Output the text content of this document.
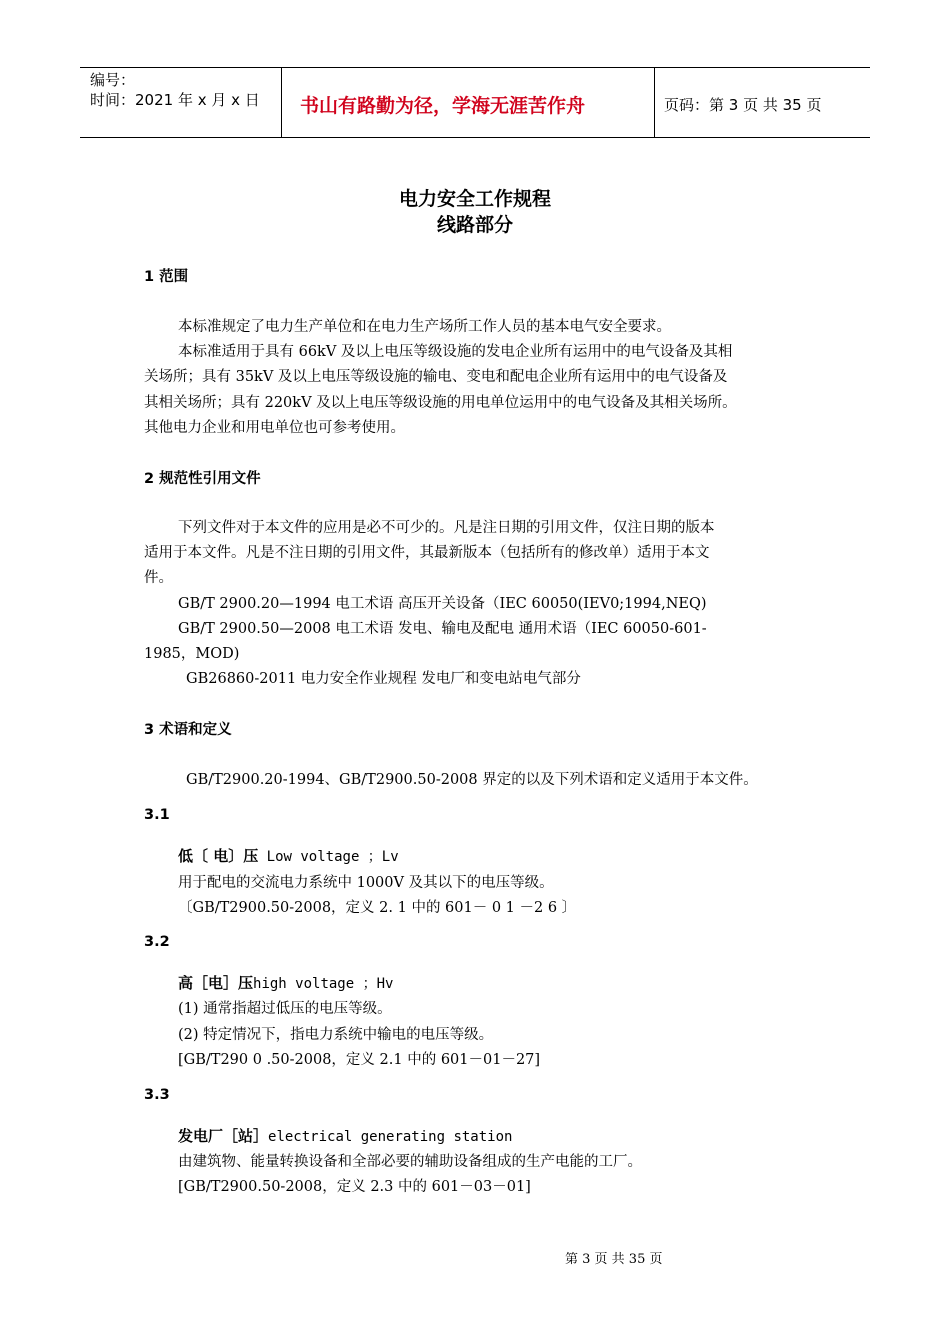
编号：
时间：2021 年 x 月 x 日 书山有路勤为径，学海无涯苦作舟	页码：第 3 页 共 35 页
电力安全工作规程
线路部分
1 范围
本标准规定了电力生产单位和在电力生产场所工作人员的基本电气安全要求。
本标准适用于具有 66kV 及以上电压等级设施的发电企业所有运用中的电气设备及其相
关场所；具有 35kV 及以上电压等级设施的输电、变电和配电企业所有运用中的电气设备及
其相关场所；具有 220kV 及以上电压等级设施的用电单位运用中的电气设备及其相关场所。
其他电力企业和用电单位也可参考使用。
2 规范性引用文件
下列文件对于本文件的应用是必不可少的。凡是注日期的引用文件，仅注日期的版本
适用于本文件。凡是不注日期的引用文件，其最新版本（包括所有的修改单）适用于本文
件。
GB/T 2900.20—1994 电工术语 高压开关设备（IEC 60050(IEV0;1994,NEQ)
GB/T 2900.50—2008 电工术语 发电、输电及配电 通用术语（IEC 60050-601-
1985，MOD)
GB26860-2011 电力安全作业规程 发电厂和变电站电气部分
3 术语和定义
GB/T2900.20-1994、GB/T2900.50-2008 界定的以及下列术语和定义适用于本文件。
3.1
低〔 电〕压 Low voltage ；Lv
用于配电的交流电力系统中 1000V 及其以下的电压等级。
〔GB/T2900.50-2008，定义 2. 1 中的 601－ 0 1 －2 6 〕
3.2
高［电］压high voltage ；Hv
(1) 通常指超过低压的电压等级。
(2) 特定情况下，指电力系统中输电的电压等级。
[GB/T290 0 .50-2008，定义 2.1 中的 601－01－27]
3.3
发电厂［站］electrical generating station
由建筑物、能量转换设备和全部必要的辅助设备组成的生产电能的工厂。
[GB/T2900.50-2008，定义 2.3 中的 601－03－01]
第 3 页 共 35 页
